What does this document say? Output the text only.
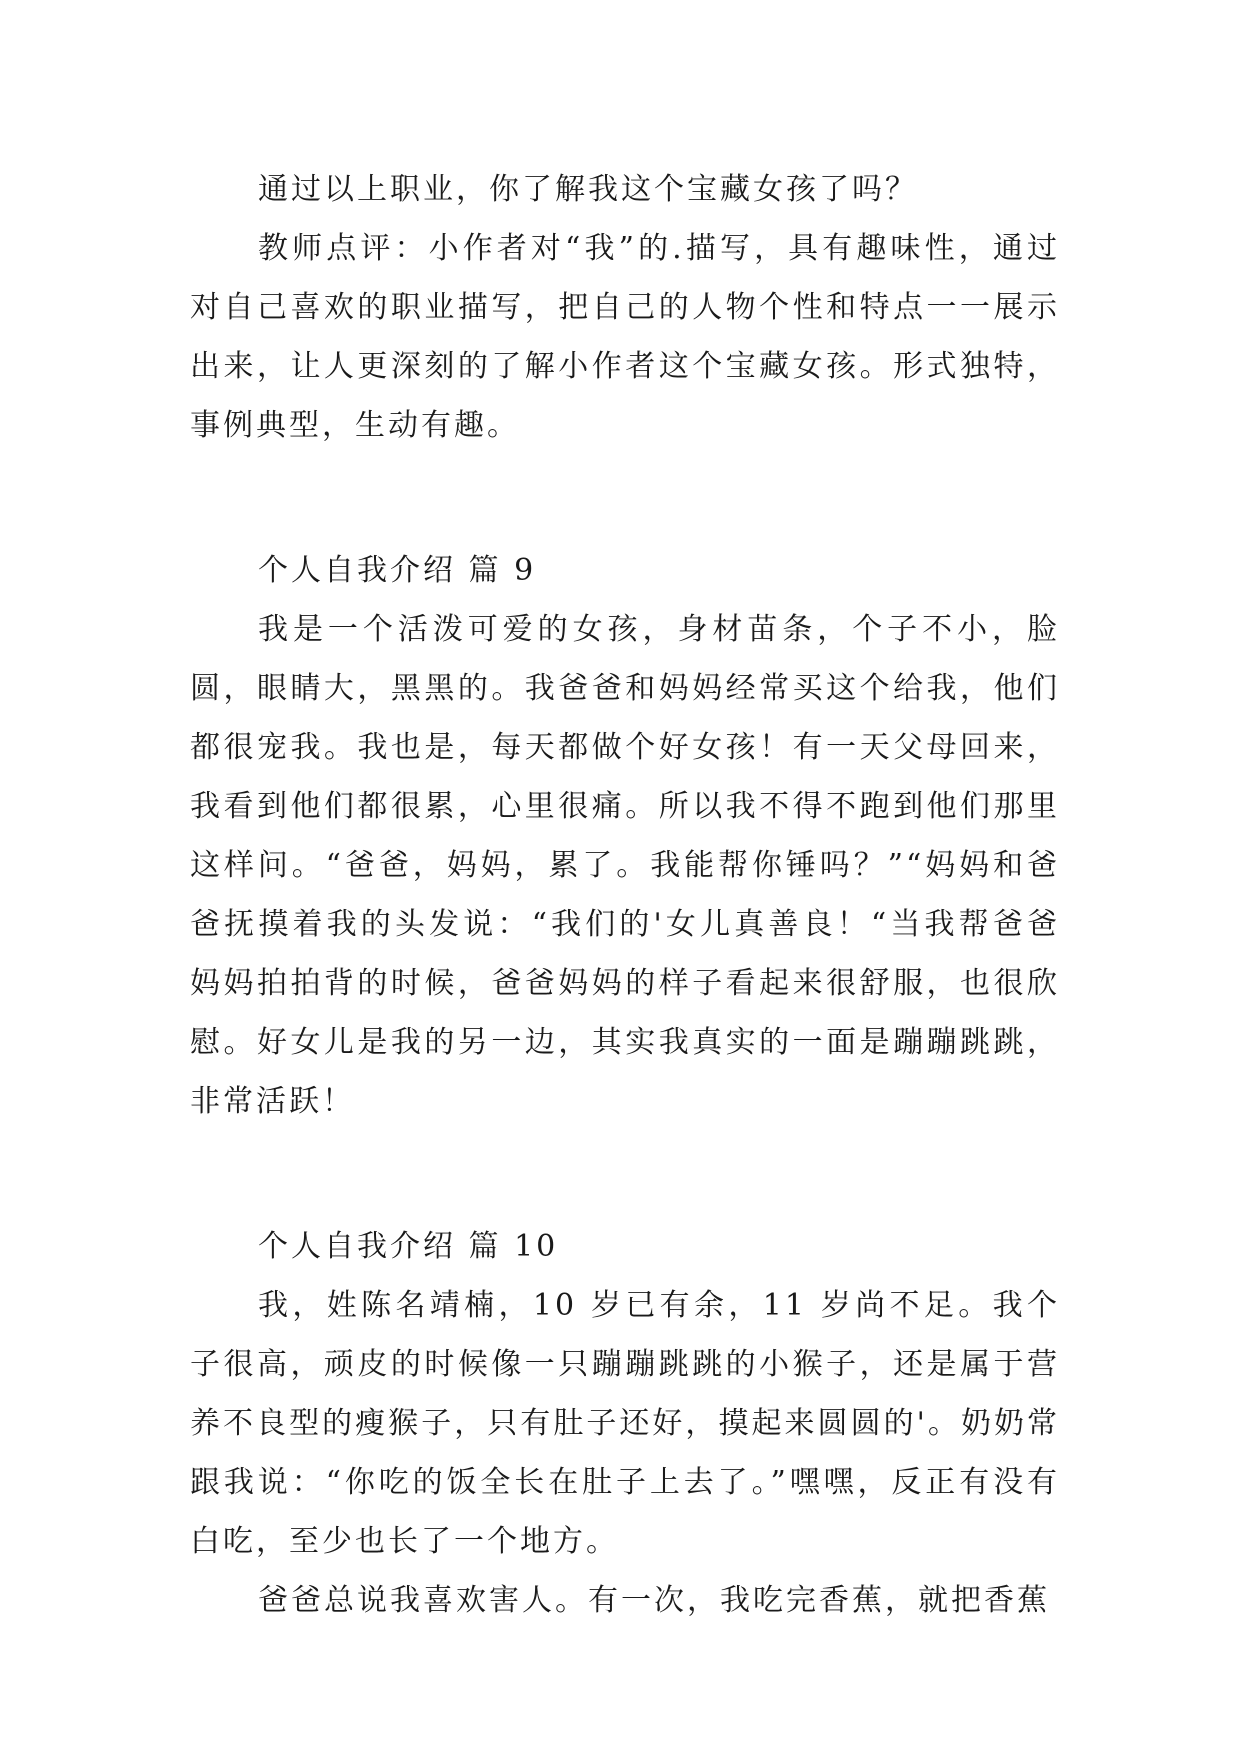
通过以上职业，你了解我这个宝藏女孩了吗？

教师点评：小作者对“我”的.描写，具有趣味性，通过对自己喜欢的职业描写，把自己的人物个性和特点一一展示出来，让人更深刻的了解小作者这个宝藏女孩。形式独特，事例典型，生动有趣。

个人自我介绍 篇 9

我是一个活泼可爱的女孩，身材苗条，个子不小，脸圆，眼睛大，黑黑的。我爸爸和妈妈经常买这个给我，他们都很宠我。我也是，每天都做个好女孩！有一天父母回来，我看到他们都很累，心里很痛。所以我不得不跑到他们那里这样问。“爸爸，妈妈，累了。我能帮你锤吗？”“妈妈和爸爸抚摸着我的头发说：“我们的'女儿真善良！“当我帮爸爸妈妈拍拍背的时候，爸爸妈妈的样子看起来很舒服，也很欣慰。好女儿是我的另一边，其实我真实的一面是蹦蹦跳跳，非常活跃！

个人自我介绍 篇 10

我，姓陈名靖楠，10 岁已有余，11 岁尚不足。我个子很高，顽皮的时候像一只蹦蹦跳跳的小猴子，还是属于营养不良型的瘦猴子，只有肚子还好，摸起来圆圆的'。奶奶常跟我说：“你吃的饭全长在肚子上去了。”嘿嘿，反正有没有白吃，至少也长了一个地方。

爸爸总说我喜欢害人。有一次，我吃完香蕉，就把香蕉
